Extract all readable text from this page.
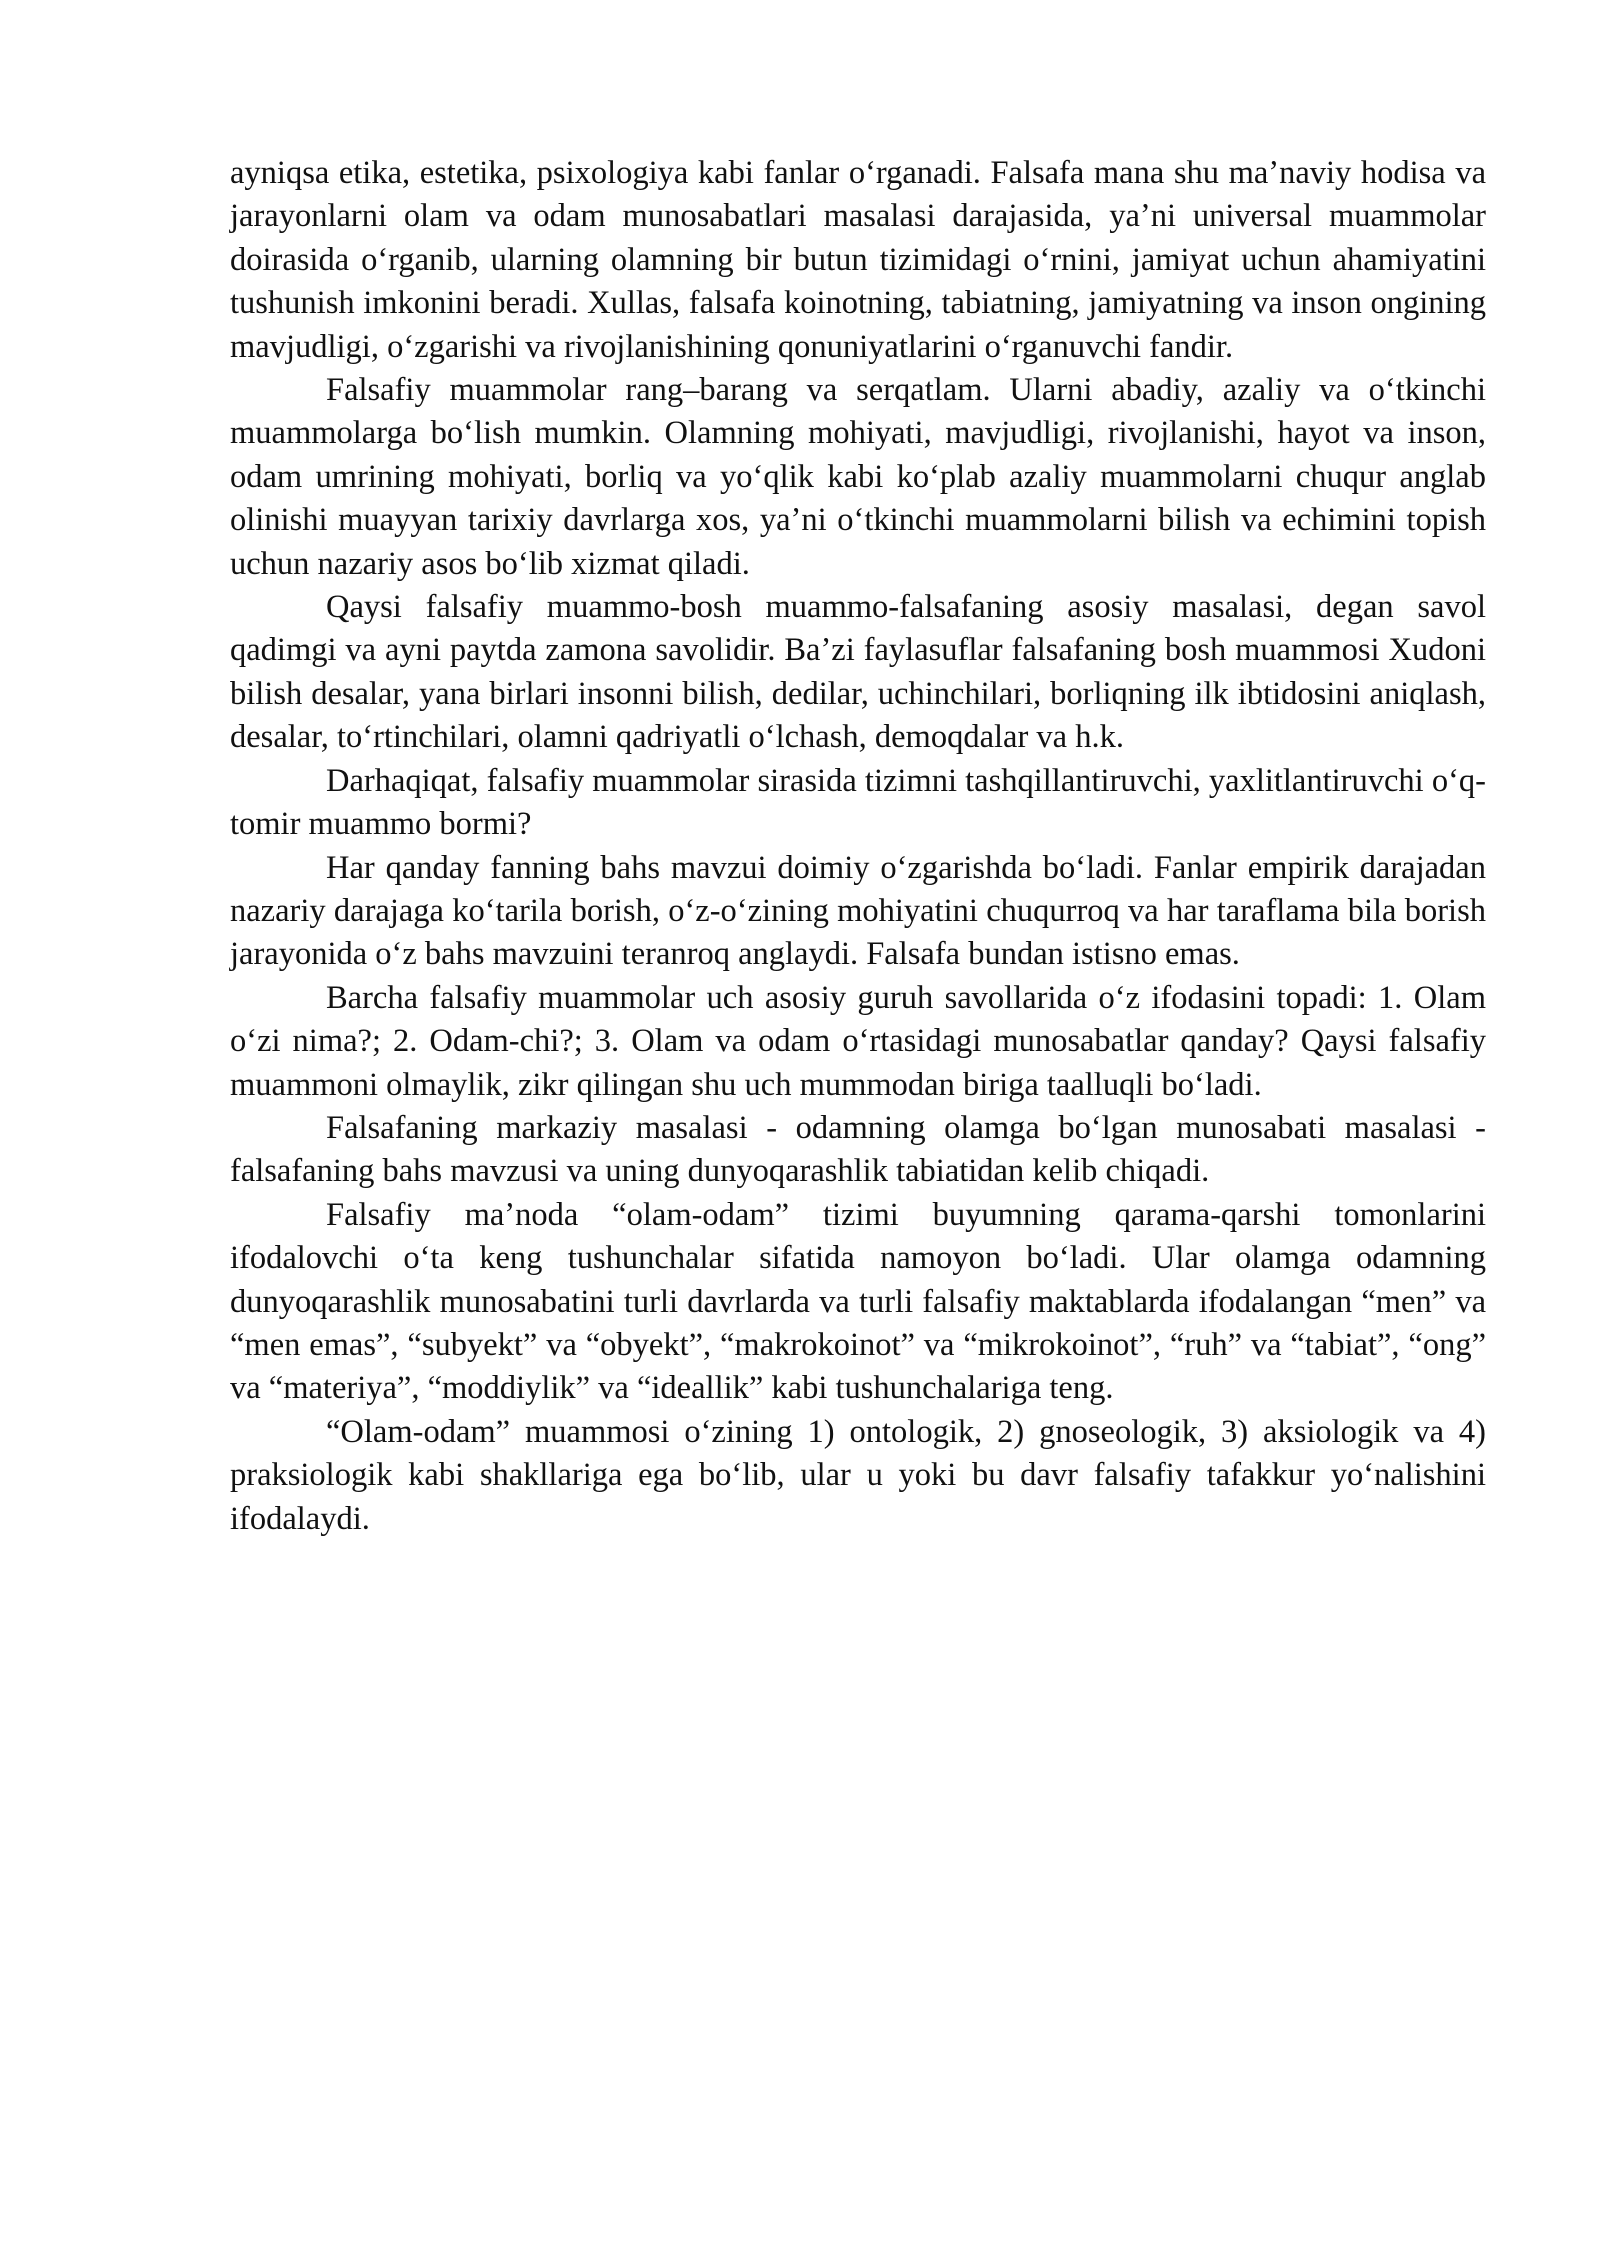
ayniqsa etika, estetika, psixologiya kabi fanlar oʻrganadi. Falsafa mana shu maʼnaviy hodisa va jarayonlarni olam va odam munosabatlari masalasi darajasida, yaʼni universal muammolar doirasida oʻrganib, ularning olamning bir butun tizimidagi oʻrnini, jamiyat uchun ahamiyatini tushunish imkonini beradi. Xullas, falsafa koinotning, tabiatning, jamiyatning va inson ongining mavjudligi, oʻzgarishi va rivojlanishining qonuniyatlarini oʻrganuvchi fandir.

Falsafiy muammolar rang–barang va serqatlam. Ularni abadiy, azaliy va oʻtkinchi muammolarga boʻlish mumkin. Olamning mohiyati, mavjudligi, rivojlanishi, hayot va inson, odam umrining mohiyati, borliq va yoʻqlik kabi koʻplab azaliy muammolarni chuqur anglab olinishi muayyan tarixiy davrlarga xos, yaʼni oʻtkinchi muammolarni bilish va echimini topish uchun nazariy asos boʻlib xizmat qiladi.

Qaysi falsafiy muammo-bosh muammo-falsafaning asosiy masalasi, degan savol qadimgi va ayni paytda zamona savolidir. Baʼzi faylasuflar falsafaning bosh muammosi Xudoni bilish desalar, yana birlari insonni bilish, dedilar, uchinchilari, borliqning ilk ibtidosini aniqlash, desalar, toʻrtinchilari, olamni qadriyatli oʻlchash, demoqdalar va h.k.

Darhaqiqat, falsafiy muammolar sirasida tizimni tashqillantiruvchi, yaxlitlantiruvchi oʻq-tomir muammo bormi?

Har qanday fanning bahs mavzui doimiy oʻzgarishda boʻladi. Fanlar empirik darajadan nazariy darajaga koʻtarila borish, oʻz-oʻzining mohiyatini chuqurroq va har taraflama bila borish jarayonida oʻz bahs mavzuini teranroq anglaydi. Falsafa bundan istisno emas.

Barcha falsafiy muammolar uch asosiy guruh savollarida oʻz ifodasini topadi: 1. Olam oʻzi nima?; 2. Odam-chi?; 3. Olam va odam oʻrtasidagi munosabatlar qanday? Qaysi falsafiy muammoni olmaylik, zikr qilingan shu uch mummodan biriga taalluqli boʻladi.

Falsafaning markaziy masalasi - odamning olamga boʻlgan munosabati masalasi - falsafaning bahs mavzusi va uning dunyoqarashlik tabiatidan kelib chiqadi.

Falsafiy maʼnoda “olam-odam” tizimi buyumning qarama-qarshi tomonlarini ifodalovchi oʻta keng tushunchalar sifatida namoyon boʻladi. Ular olamga odamning dunyoqarashlik munosabatini turli davrlarda va turli falsafiy maktablarda ifodalangan “men” va “men emas”, “subyekt” va “obyekt”, “makrokoinot” va “mikrokoinot”, “ruh” va “tabiat”, “ong” va “materiya”, “moddiylik” va “ideallik” kabi tushunchalariga teng.

“Olam-odam” muammosi oʻzining 1) ontologik, 2) gnoseologik, 3) aksiologik va 4) praksiologik kabi shakllariga ega boʻlib, ular u yoki bu davr falsafiy tafakkur yoʻnalishini ifodalaydi.
